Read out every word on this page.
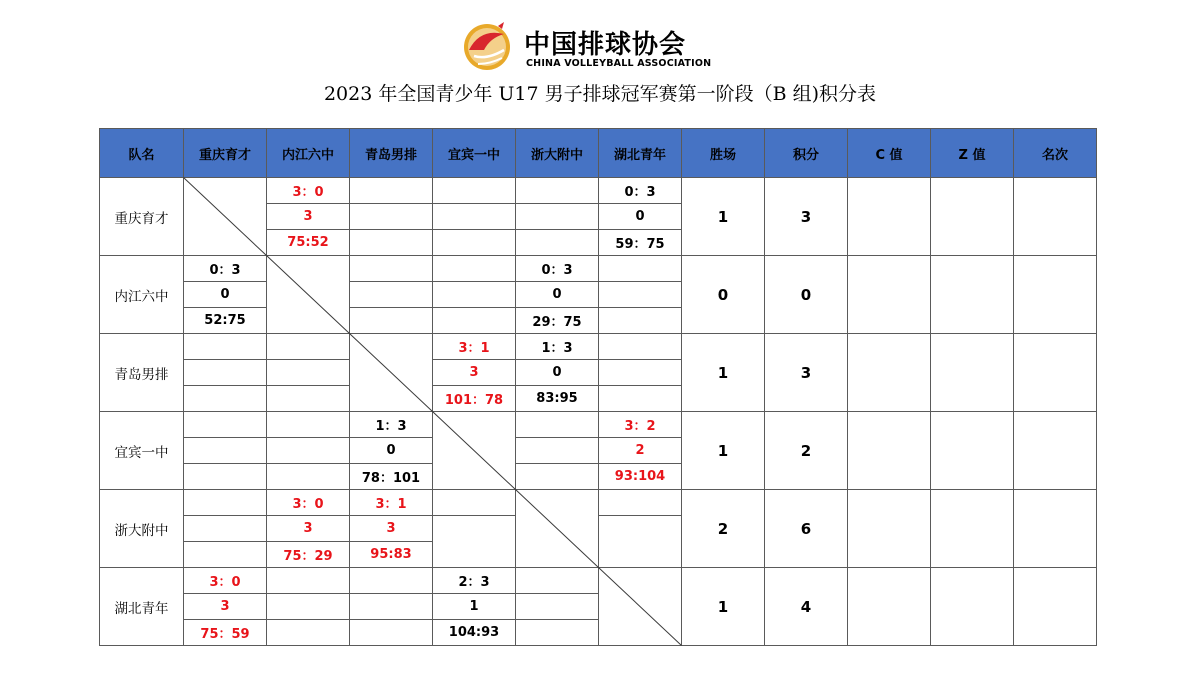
中国排球协会
CHINA VOLLEYBALL ASSOCIATION
2023 年全国青少年 U17 男子排球冠军赛第一阶段（B 组)积分表
队名	重庆育才	内江六中	青岛男排	宜宾一中	浙大附中	湖北青年	胜场	积分	C 值	Z 值	名次
重庆育才		3：0				0：3	1	3			
		3				0					
		75:52				59：75					
内江六中	0：3				0：3		0	0			
	0				0						
	52:75				29：75						
青岛男排				3：1	1：3		1	3			
				3	0						
				101：78	83:95						
宜宾一中			1：3			3：2	1	2			
			0			2					
			78：101			93:104					
浙大附中		3：0	3：1				2	6			
		3	3								
		75：29	95:83								
湖北青年	3：0			2：3			1	4			
	3			1							
	75：59			104:93							
